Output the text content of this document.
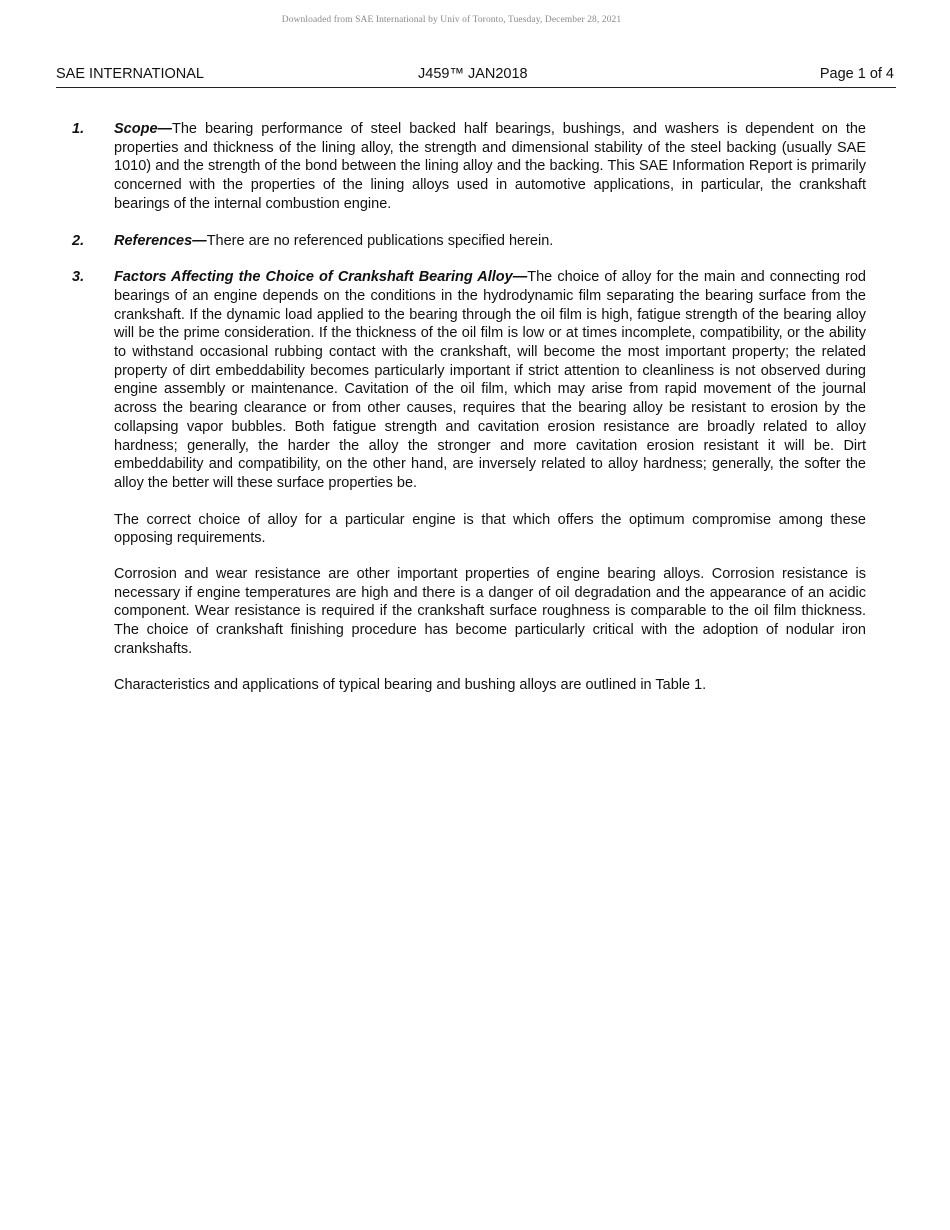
Downloaded from SAE International by Univ of Toronto, Tuesday, December 28, 2021
SAE INTERNATIONAL	J459™ JAN2018	Page 1 of 4
1. Scope—The bearing performance of steel backed half bearings, bushings, and washers is dependent on the properties and thickness of the lining alloy, the strength and dimensional stability of the steel backing (usually SAE 1010) and the strength of the bond between the lining alloy and the backing. This SAE Information Report is primarily concerned with the properties of the lining alloys used in automotive applications, in particular, the crankshaft bearings of the internal combustion engine.

2. References—There are no referenced publications specified herein.

3. Factors Affecting the Choice of Crankshaft Bearing Alloy—The choice of alloy for the main and connecting rod bearings of an engine depends on the conditions in the hydrodynamic film separating the bearing surface from the crankshaft. If the dynamic load applied to the bearing through the oil film is high, fatigue strength of the bearing alloy will be the prime consideration. If the thickness of the oil film is low or at times incomplete, compatibility, or the ability to withstand occasional rubbing contact with the crankshaft, will become the most important property; the related property of dirt embeddability becomes particularly important if strict attention to cleanliness is not observed during engine assembly or maintenance. Cavitation of the oil film, which may arise from rapid movement of the journal across the bearing clearance or from other causes, requires that the bearing alloy be resistant to erosion by the collapsing vapor bubbles. Both fatigue strength and cavitation erosion resistance are broadly related to alloy hardness; generally, the harder the alloy the stronger and more cavitation erosion resistant it will be. Dirt embeddability and compatibility, on the other hand, are inversely related to alloy hardness; generally, the softer the alloy the better will these surface properties be.

The correct choice of alloy for a particular engine is that which offers the optimum compromise among these opposing requirements.

Corrosion and wear resistance are other important properties of engine bearing alloys. Corrosion resistance is necessary if engine temperatures are high and there is a danger of oil degradation and the appearance of an acidic component. Wear resistance is required if the crankshaft surface roughness is comparable to the oil film thickness. The choice of crankshaft finishing procedure has become particularly critical with the adoption of nodular iron crankshafts.

Characteristics and applications of typical bearing and bushing alloys are outlined in Table 1.
